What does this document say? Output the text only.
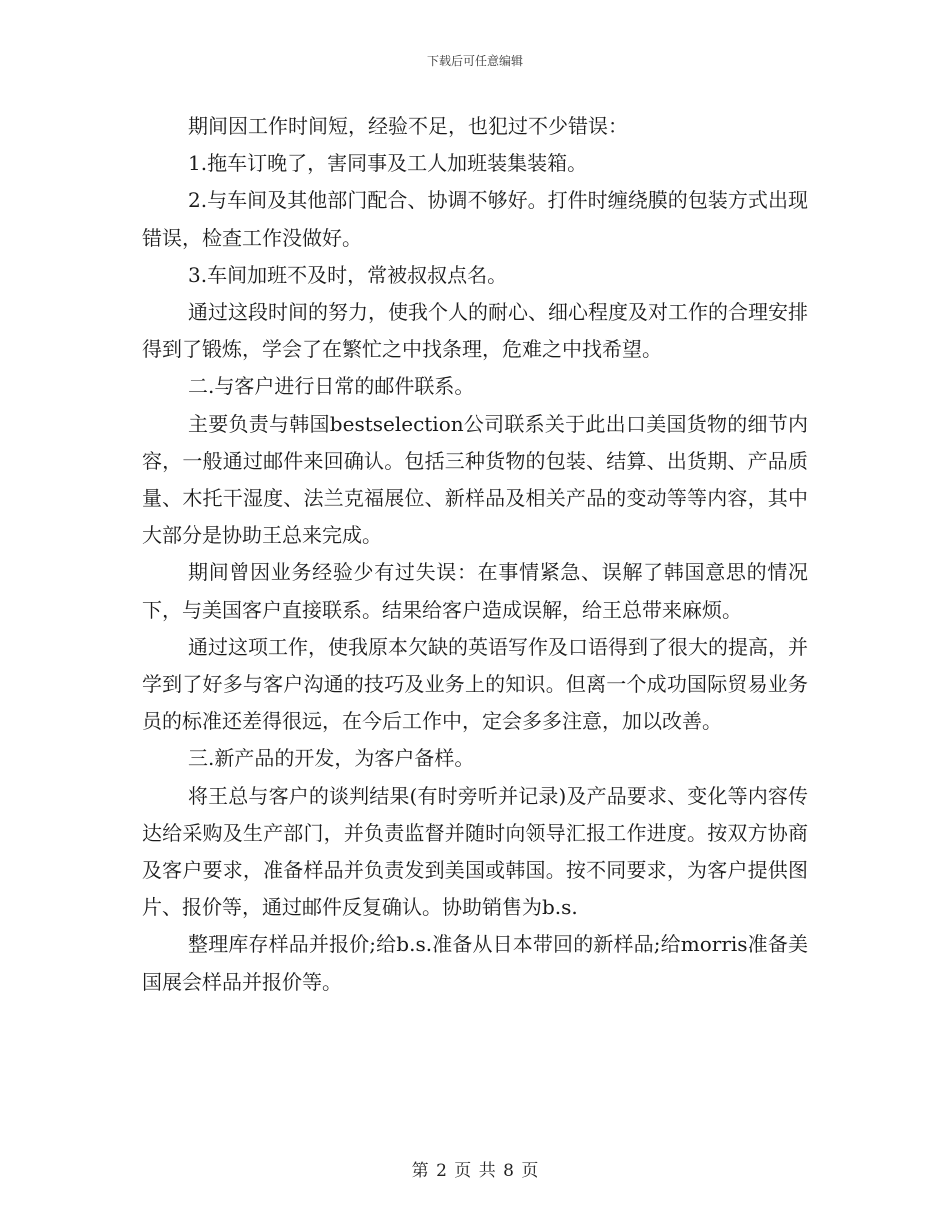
下载后可任意编辑

期间因工作时间短，经验不足，也犯过不少错误：

1.拖车订晚了，害同事及工人加班装集装箱。

2.与车间及其他部门配合、协调不够好。打件时缠绕膜的包装方式出现错误，检查工作没做好。

3.车间加班不及时，常被叔叔点名。

通过这段时间的努力，使我个人的耐心、细心程度及对工作的合理安排得到了锻炼，学会了在繁忙之中找条理，危难之中找希望。

二.与客户进行日常的邮件联系。

主要负责与韩国bestselection公司联系关于此出口美国货物的细节内容，一般通过邮件来回确认。包括三种货物的包装、结算、出货期、产品质量、木托干湿度、法兰克福展位、新样品及相关产品的变动等等内容，其中大部分是协助王总来完成。

期间曾因业务经验少有过失误：在事情紧急、误解了韩国意思的情况下，与美国客户直接联系。结果给客户造成误解，给王总带来麻烦。

通过这项工作，使我原本欠缺的英语写作及口语得到了很大的提高，并学到了好多与客户沟通的技巧及业务上的知识。但离一个成功国际贸易业务员的标准还差得很远，在今后工作中，定会多多注意，加以改善。

三.新产品的开发，为客户备样。

将王总与客户的谈判结果(有时旁听并记录)及产品要求、变化等内容传达给采购及生产部门，并负责监督并随时向领导汇报工作进度。按双方协商及客户要求，准备样品并负责发到美国或韩国。按不同要求，为客户提供图片、报价等，通过邮件反复确认。协助销售为b.s.

整理库存样品并报价;给b.s.准备从日本带回的新样品;给morris准备美国展会样品并报价等。

第 2 页 共 8 页
